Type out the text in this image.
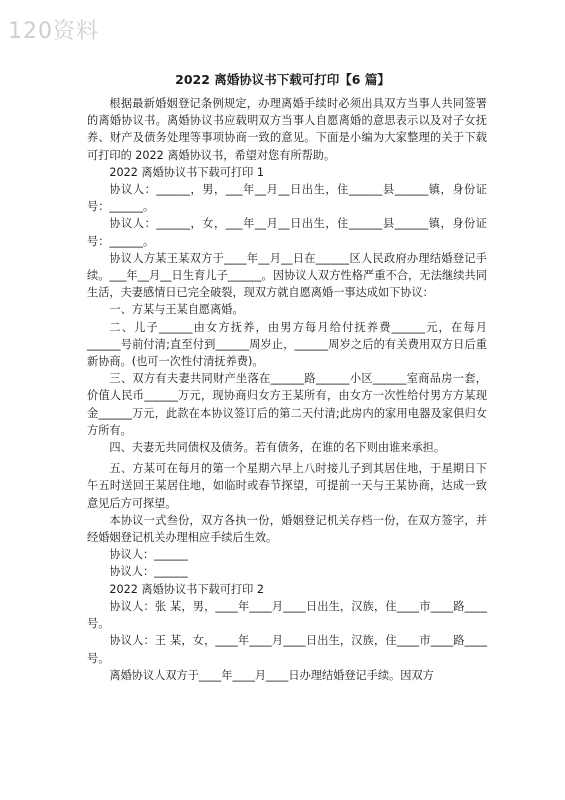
120资料
2022 离婚协议书下载可打印【6 篇】

根据最新婚姻登记条例规定，办理离婚手续时必须出具双方当事人共同签署的离婚协议书。离婚协议书应载明双方当事人自愿离婚的意思表示以及对子女抚养、财产及债务处理等事项协商一致的意见。下面是小编为大家整理的关于下载可打印的 2022 离婚协议书，希望对您有所帮助。

2022 离婚协议书下载可打印 1

协议人：______，男，___年__月__日出生，住______县______镇，身份证号：______。

协议人：______，女，___年__月__日出生，住______县______镇，身份证号：______。

协议人方某王某双方于____年__月__日在______区人民政府办理结婚登记手续。___年__月__日生育儿子______。因协议人双方性格严重不合，无法继续共同生活，夫妻感情日已完全破裂，现双方就自愿离婚一事达成如下协议：

一、方某与王某自愿离婚。

二、儿子______由女方抚养，由男方每月给付抚养费______元，在每月______号前付清;直至付到______周岁止，______周岁之后的有关费用双方日后重新协商。(也可一次性付清抚养费)。

三、双方有夫妻共同财产坐落在______路______小区______室商品房一套，价值人民币______万元，现协商归女方王某所有，由女方一次性给付男方方某现金______万元，此款在本协议签订后的第二天付清;此房内的家用电器及家俱归女方所有。

四、夫妻无共同债权及债务。若有债务，在谁的名下则由谁来承担。

五、方某可在每月的第一个星期六早上八时接儿子到其居住地，于星期日下午五时送回王某居住地，如临时或春节探望，可提前一天与王某协商，达成一致意见后方可探望。

本协议一式叁份，双方各执一份，婚姻登记机关存档一份，在双方签字，并经婚姻登记机关办理相应手续后生效。

协议人：______

协议人：______

2022 离婚协议书下载可打印 2

协议人：张 某，男，____年____月____日出生，汉族，住____市____路____号。

协议人：王 某，女，____年____月____日出生，汉族，住____市____路____号。

离婚协议人双方于____年____月____日办理结婚登记手续。因双方
